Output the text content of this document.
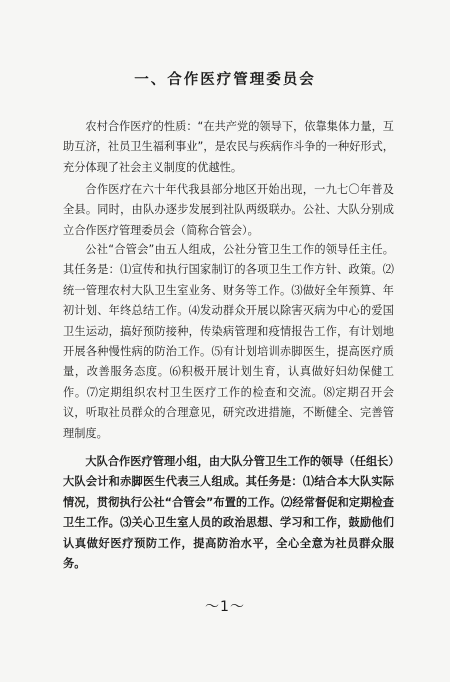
一、合作医疗管理委员会

农村合作医疗的性质：“在共产党的领导下，依靠集体力量，互助互济，社员卫生福利事业”，是农民与疾病作斗争的一种好形式，充分体现了社会主义制度的优越性。

合作医疗在六十年代我县部分地区开始出现，一九七〇年普及全县。同时，由队办逐步发展到社队两级联办。公社、大队分别成立合作医疗管理委员会（简称合管会）。

公社“合管会”由五人组成，公社分管卫生工作的领导任主任。其任务是：⑴宣传和执行国家制订的各项卫生工作方针、政策。⑵统一管理农村大队卫生室业务、财务等工作。⑶做好全年预算、年初计划、年终总结工作。⑷发动群众开展以除害灭病为中心的爱国卫生运动，搞好预防接种，传染病管理和疫情报告工作，有计划地开展各种慢性病的防治工作。⑸有计划培训赤脚医生，提高医疗质量，改善服务态度。⑹积极开展计划生育，认真做好妇幼保健工作。⑺定期组织农村卫生医疗工作的检查和交流。⑻定期召开会议，听取社员群众的合理意见，研究改进措施，不断健全、完善管理制度。

大队合作医疗管理小组，由大队分管卫生工作的领导（任组长）大队会计和赤脚医生代表三人组成。其任务是：⑴结合本大队实际情况，贯彻执行公社“合管会”布置的工作。⑵经常督促和定期检查卫生工作。⑶关心卫生室人员的政治思想、学习和工作，鼓励他们认真做好医疗预防工作，提高防治水平，全心全意为社员群众服务。

～1～
